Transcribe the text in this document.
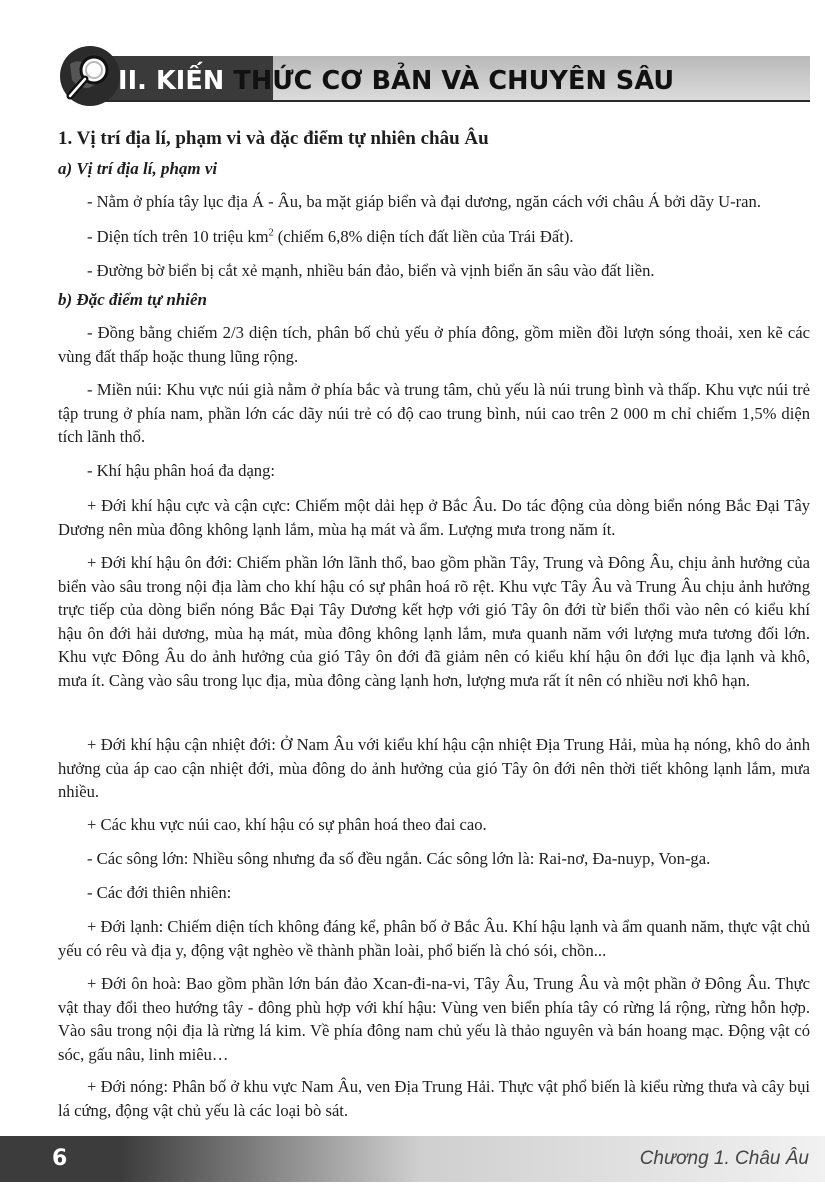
II. KIẾN THỨC CƠ BẢN VÀ CHUYÊN SÂU
1. Vị trí địa lí, phạm vi và đặc điểm tự nhiên châu Âu
a) Vị trí địa lí, phạm vi
- Nằm ở phía tây lục địa Á - Âu, ba mặt giáp biển và đại dương, ngăn cách với châu Á bởi dãy U-ran.
- Diện tích trên 10 triệu $km^2$ (chiếm 6,8% diện tích đất liền của Trái Đất).
- Đường bờ biển bị cắt xẻ mạnh, nhiều bán đảo, biển và vịnh biển ăn sâu vào đất liền.
b) Đặc điểm tự nhiên
- Đồng bằng chiếm 2/3 diện tích, phân bố chủ yếu ở phía đông, gồm miền đồi lượn sóng thoải, xen kẽ các vùng đất thấp hoặc thung lũng rộng.
- Miền núi: Khu vực núi già nằm ở phía bắc và trung tâm, chủ yếu là núi trung bình và thấp. Khu vực núi trẻ tập trung ở phía nam, phần lớn các dãy núi trẻ có độ cao trung bình, núi cao trên 2 000 m chỉ chiếm 1,5% diện tích lãnh thổ.
- Khí hậu phân hoá đa dạng:
+ Đới khí hậu cực và cận cực: Chiếm một dải hẹp ở Bắc Âu. Do tác động của dòng biển nóng Bắc Đại Tây Dương nên mùa đông không lạnh lắm, mùa hạ mát và ẩm. Lượng mưa trong năm ít.
+ Đới khí hậu ôn đới: Chiếm phần lớn lãnh thổ, bao gồm phần Tây, Trung và Đông Âu, chịu ảnh hưởng của biển vào sâu trong nội địa làm cho khí hậu có sự phân hoá rõ rệt. Khu vực Tây Âu và Trung Âu chịu ảnh hưởng trực tiếp của dòng biển nóng Bắc Đại Tây Dương kết hợp với gió Tây ôn đới từ biển thổi vào nên có kiểu khí hậu ôn đới hải dương, mùa hạ mát, mùa đông không lạnh lắm, mưa quanh năm với lượng mưa tương đối lớn. Khu vực Đông Âu do ảnh hưởng của gió Tây ôn đới đã giảm nên có kiểu khí hậu ôn đới lục địa lạnh và khô, mưa ít. Càng vào sâu trong lục địa, mùa đông càng lạnh hơn, lượng mưa rất ít nên có nhiều nơi khô hạn.
+ Đới khí hậu cận nhiệt đới: Ở Nam Âu với kiểu khí hậu cận nhiệt Địa Trung Hải, mùa hạ nóng, khô do ảnh hưởng của áp cao cận nhiệt đới, mùa đông do ảnh hưởng của gió Tây ôn đới nên thời tiết không lạnh lắm, mưa nhiều.
+ Các khu vực núi cao, khí hậu có sự phân hoá theo đai cao.
- Các sông lớn: Nhiều sông nhưng đa số đều ngắn. Các sông lớn là: Rai-nơ, Đa-nuyp, Von-ga.
- Các đới thiên nhiên:
+ Đới lạnh: Chiếm diện tích không đáng kể, phân bố ở Bắc Âu. Khí hậu lạnh và ẩm quanh năm, thực vật chủ yếu có rêu và địa y, động vật nghèo về thành phần loài, phổ biến là chó sói, chồn...
+ Đới ôn hoà: Bao gồm phần lớn bán đảo Xcan-đi-na-vi, Tây Âu, Trung Âu và một phần ở Đông Âu. Thực vật thay đổi theo hướng tây - đông phù hợp với khí hậu: Vùng ven biển phía tây có rừng lá rộng, rừng hỗn hợp. Vào sâu trong nội địa là rừng lá kim. Về phía đông nam chủ yếu là thảo nguyên và bán hoang mạc. Động vật có sóc, gấu nâu, linh miêu…
+ Đới nóng: Phân bố ở khu vực Nam Âu, ven Địa Trung Hải. Thực vật phổ biến là kiểu rừng thưa và cây bụi lá cứng, động vật chủ yếu là các loại bò sát.
6	Chương 1. Châu Âu
